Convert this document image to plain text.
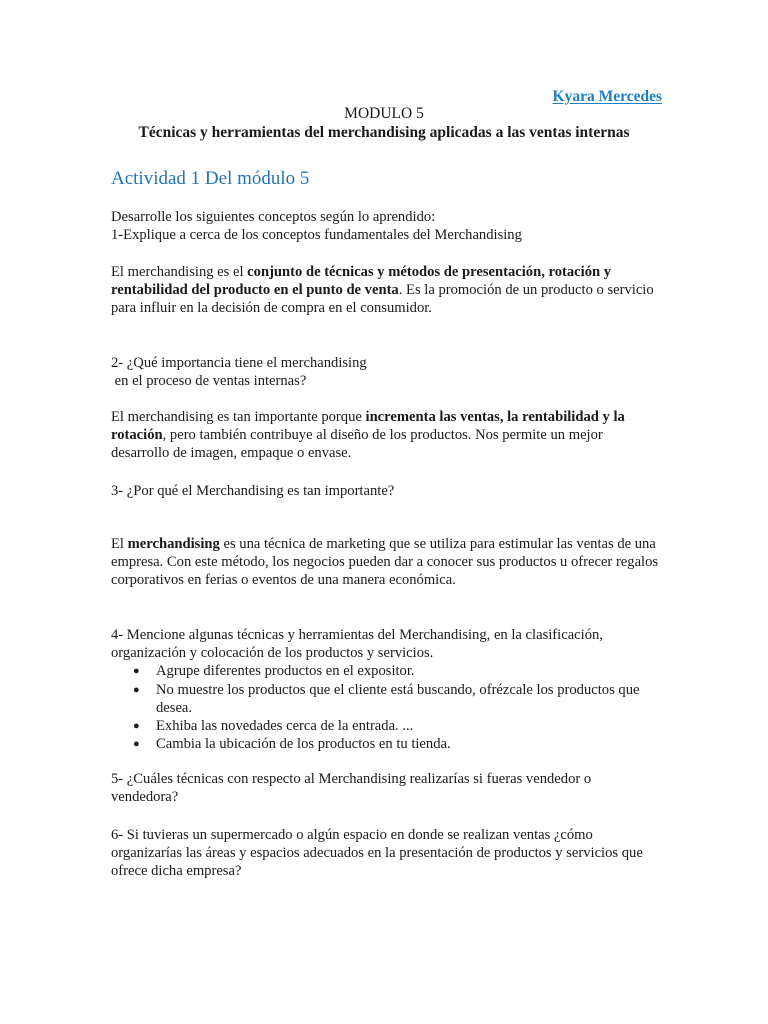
Kyara Mercedes
MODULO 5
Técnicas y herramientas del merchandising aplicadas a las ventas internas
Actividad 1 Del módulo 5

Desarrolle los siguientes conceptos según lo aprendido:

1-Explique a cerca de los conceptos fundamentales del Merchandising

El merchandising es el conjunto de técnicas y métodos de presentación, rotación y rentabilidad del producto en el punto de venta. Es la promoción de un producto o servicio para influir en la decisión de compra en el consumidor.

2- ¿Qué importancia tiene el merchandising

en el proceso de ventas internas?

El merchandising es tan importante porque incrementa las ventas, la rentabilidad y la rotación, pero también contribuye al diseño de los productos. Nos permite un mejor desarrollo de imagen, empaque o envase.

3- ¿Por qué el Merchandising es tan importante?

El merchandising es una técnica de marketing que se utiliza para estimular las ventas de una empresa. Con este método, los negocios pueden dar a conocer sus productos u ofrecer regalos corporativos en ferias o eventos de una manera económica.

4- Mencione algunas técnicas y herramientas del Merchandising, en la clasificación, organización y colocación de los productos y servicios.

● Agrupe diferentes productos en el expositor.
● No muestre los productos que el cliente está buscando, ofrézcale los productos que desea.
● Exhiba las novedades cerca de la entrada. ...
● Cambia la ubicación de los productos en tu tienda.

5- ¿Cuáles técnicas con respecto al Merchandising realizarías si fueras vendedor o vendedora?

6- Si tuvieras un supermercado o algún espacio en donde se realizan ventas ¿cómo organizarías las áreas y espacios adecuados en la presentación de productos y servicios que ofrece dicha empresa?
